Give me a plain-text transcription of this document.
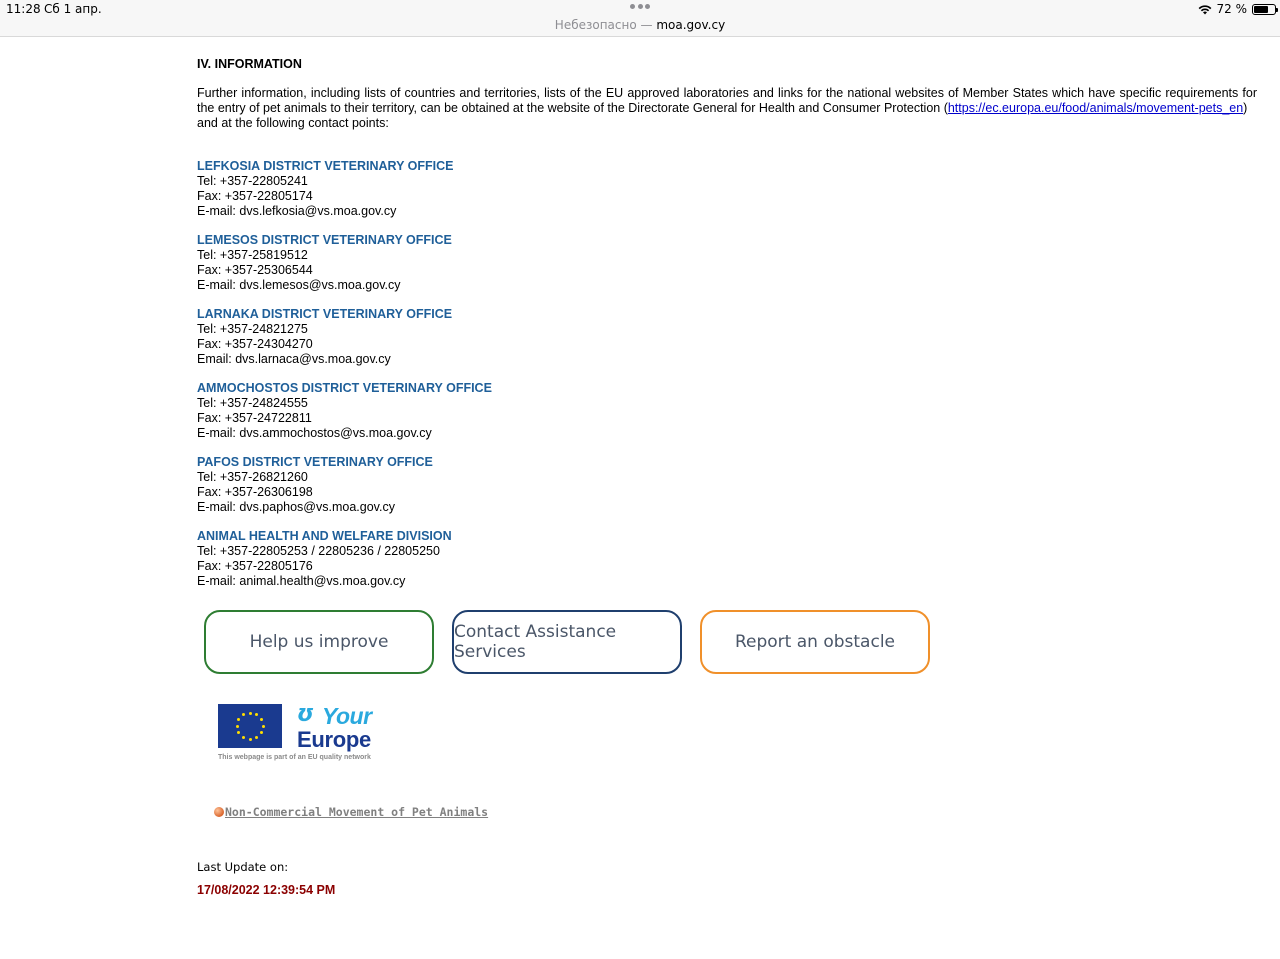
11:28 Сб 1 апр.	72 %
Небезопасно — moa.gov.cy
IV. INFORMATION
Further information, including lists of countries and territories, lists of the EU approved laboratories and links for the national websites of Member States which have specific requirements for the entry of pet animals to their territory, can be obtained at the website of the Directorate General for Health and Consumer Protection (https://ec.europa.eu/food/animals/movement-pets_en)
and at the following contact points:
LEFKOSIA DISTRICT VETERINARY OFFICE
Tel: +357-22805241
Fax: +357-22805174
E-mail: dvs.lefkosia@vs.moa.gov.cy
LEMESOS DISTRICT VETERINARY OFFICE
Tel: +357-25819512
Fax: +357-25306544
E-mail: dvs.lemesos@vs.moa.gov.cy
LARNAKA DISTRICT VETERINARY OFFICE
Tel: +357-24821275
Fax: +357-24304270
Email: dvs.larnaca@vs.moa.gov.cy
AMMOCHOSTOS DISTRICT VETERINARY OFFICE
Tel: +357-24824555
Fax: +357-24722811
E-mail: dvs.ammochostos@vs.moa.gov.cy
PAFOS DISTRICT VETERINARY OFFICE
Tel: +357-26821260
Fax: +357-26306198
E-mail: dvs.paphos@vs.moa.gov.cy
ANIMAL HEALTH AND WELFARE DIVISION
Tel: +357-22805253 / 22805236 / 22805250
Fax: +357-22805176
E-mail: animal.health@vs.moa.gov.cy
Help us improve	Contact Assistance Services	Report an obstacle
ʊ Your
Europe
This webpage is part of an EU quality network
Non-Commercial Movement of Pet Animals
Last Update on:
17/08/2022 12:39:54 PM
